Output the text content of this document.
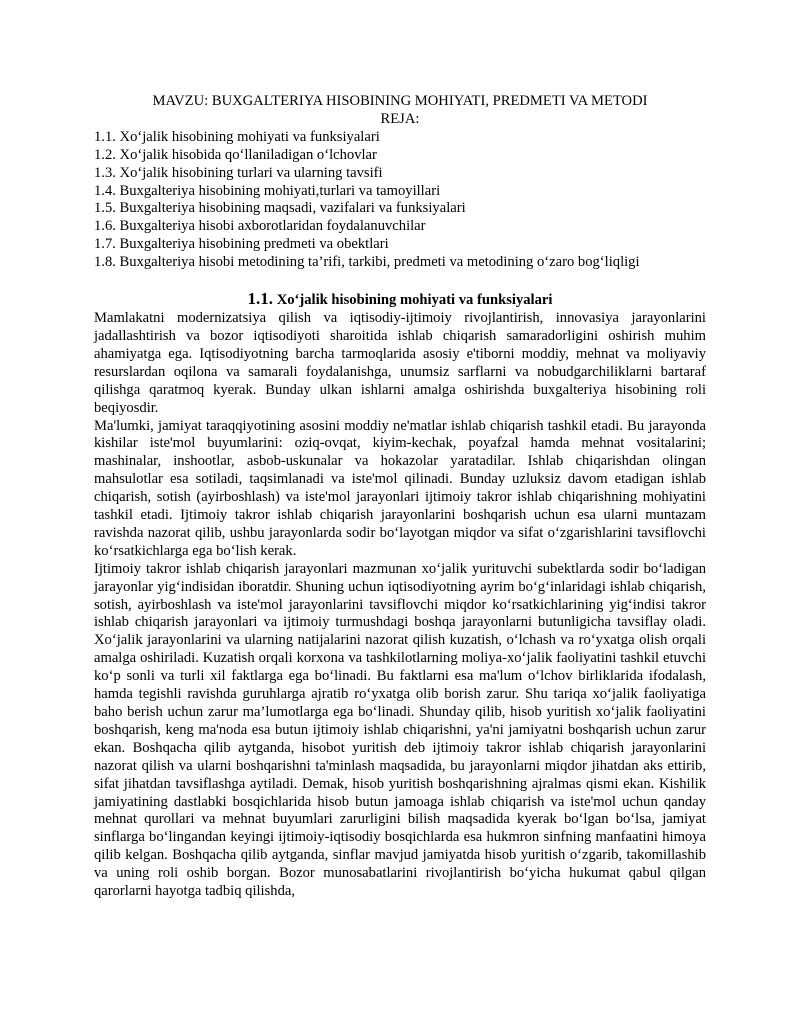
MAVZU: BUXGALTERIYA HISOBINING MOHIYATI, PREDMETI VA METODI
REJA:
1.1. Xo‘jalik hisobining mohiyati va funksiyalari
1.2. Xo‘jalik hisobida qo‘llaniladigan o‘lchovlar
1.3. Xo‘jalik hisobining turlari va ularning tavsifi
1.4. Buxgalteriya hisobining mohiyati,turlari va tamoyillari
1.5. Buxgalteriya hisobining maqsadi, vazifalari va funksiyalari
1.6. Buxgalteriya hisobi axborotlaridan foydalanuvchilar
1.7. Buxgalteriya hisobining predmeti va obektlari
1.8. Buxgalteriya hisobi metodining ta’rifi, tarkibi, predmeti va metodining o‘zaro bog‘liqligi
1.1. Xo‘jalik hisobining mohiyati va funksiyalari

Mamlakatni modernizatsiya qilish va iqtisodiy-ijtimoiy rivojlantirish, innovasiya jarayonlarini jadallashtirish va bozor iqtisodiyoti sharoitida ishlab chiqarish samaradorligini oshirish muhim ahamiyatga ega. Iqtisodiyotning barcha tarmoqlarida asosiy e'tiborni moddiy, mehnat va moliyaviy resurslardan oqilona va samarali foydalanishga, unumsiz sarflarni va nobudgarchiliklarni bartaraf qilishga qaratmoq kyerak. Bunday ulkan ishlarni amalga oshirishda buxgalteriya hisobining roli beqiyosdir.

Ma'lumki, jamiyat taraqqiyotining asosini moddiy ne'matlar ishlab chiqarish tashkil etadi. Bu jarayonda kishilar iste'mol buyumlarini: oziq-ovqat, kiyim-kechak, poyafzal hamda mehnat vositalarini; mashinalar, inshootlar, asbob-uskunalar va hokazolar yaratadilar. Ishlab chiqarishdan olingan mahsulotlar esa sotiladi, taqsimlanadi va iste'mol qilinadi. Bunday uzluksiz davom etadigan ishlab chiqarish, sotish (ayirboshlash) va iste'mol jarayonlari ijtimoiy takror ishlab chiqarishning mohiyatini tashkil etadi. Ijtimoiy takror ishlab chiqarish jarayonlarini boshqarish uchun esa ularni muntazam ravishda nazorat qilib, ushbu jarayonlarda sodir bo‘layotgan miqdor va sifat o‘zgarishlarini tavsiflovchi ko‘rsatkichlarga ega bo‘lish kerak.

Ijtimoiy takror ishlab chiqarish jarayonlari mazmunan xo‘jalik yurituvchi subektlarda sodir bo‘ladigan jarayonlar yig‘indisidan iboratdir. Shuning uchun iqtisodiyotning ayrim bo‘g‘inlaridagi ishlab chiqarish, sotish, ayirboshlash va iste'mol jarayonlarini tavsiflovchi miqdor ko‘rsatkichlarining yig‘indisi takror ishlab chiqarish jarayonlari va ijtimoiy turmushdagi boshqa jarayonlarni butunligicha tavsiflay oladi. Xo‘jalik jarayonlarini va ularning natijalarini nazorat qilish kuzatish, o‘lchash va ro‘yxatga olish orqali amalga oshiriladi. Kuzatish orqali korxona va tashkilotlarning moliya-xo‘jalik faoliyatini tashkil etuvchi ko‘p sonli va turli xil faktlarga ega bo‘linadi. Bu faktlarni esa ma'lum o‘lchov birliklarida ifodalash, hamda tegishli ravishda guruhlarga ajratib ro‘yxatga olib borish zarur. Shu tariqa xo‘jalik faoliyatiga baho berish uchun zarur ma’lumotlarga ega bo‘linadi. Shunday qilib, hisob yuritish xo‘jalik faoliyatini boshqarish, keng ma'noda esa butun ijtimoiy ishlab chiqarishni, ya'ni jamiyatni boshqarish uchun zarur ekan. Boshqacha qilib aytganda, hisobot yuritish deb ijtimoiy takror ishlab chiqarish jarayonlarini nazorat qilish va ularni boshqarishni ta'minlash maqsadida, bu jarayonlarni miqdor jihatdan aks ettirib, sifat jihatdan tavsiflashga aytiladi. Demak, hisob yuritish boshqarishning ajralmas qismi ekan. Kishilik jamiyatining dastlabki bosqichlarida hisob butun jamoaga ishlab chiqarish va iste'mol uchun qanday mehnat qurollari va mehnat buyumlari zarurligini bilish maqsadida kyerak bo‘lgan bo‘lsa, jamiyat sinflarga bo‘lingandan keyingi ijtimoiy-iqtisodiy bosqichlarda esa hukmron sinfning manfaatini himoya qilib kelgan. Boshqacha qilib aytganda, sinflar mavjud jamiyatda hisob yuritish o‘zgarib, takomillashib va uning roli oshib borgan. Bozor munosabatlarini rivojlantirish bo‘yicha hukumat qabul qilgan qarorlarni hayotga tadbiq qilishda,
